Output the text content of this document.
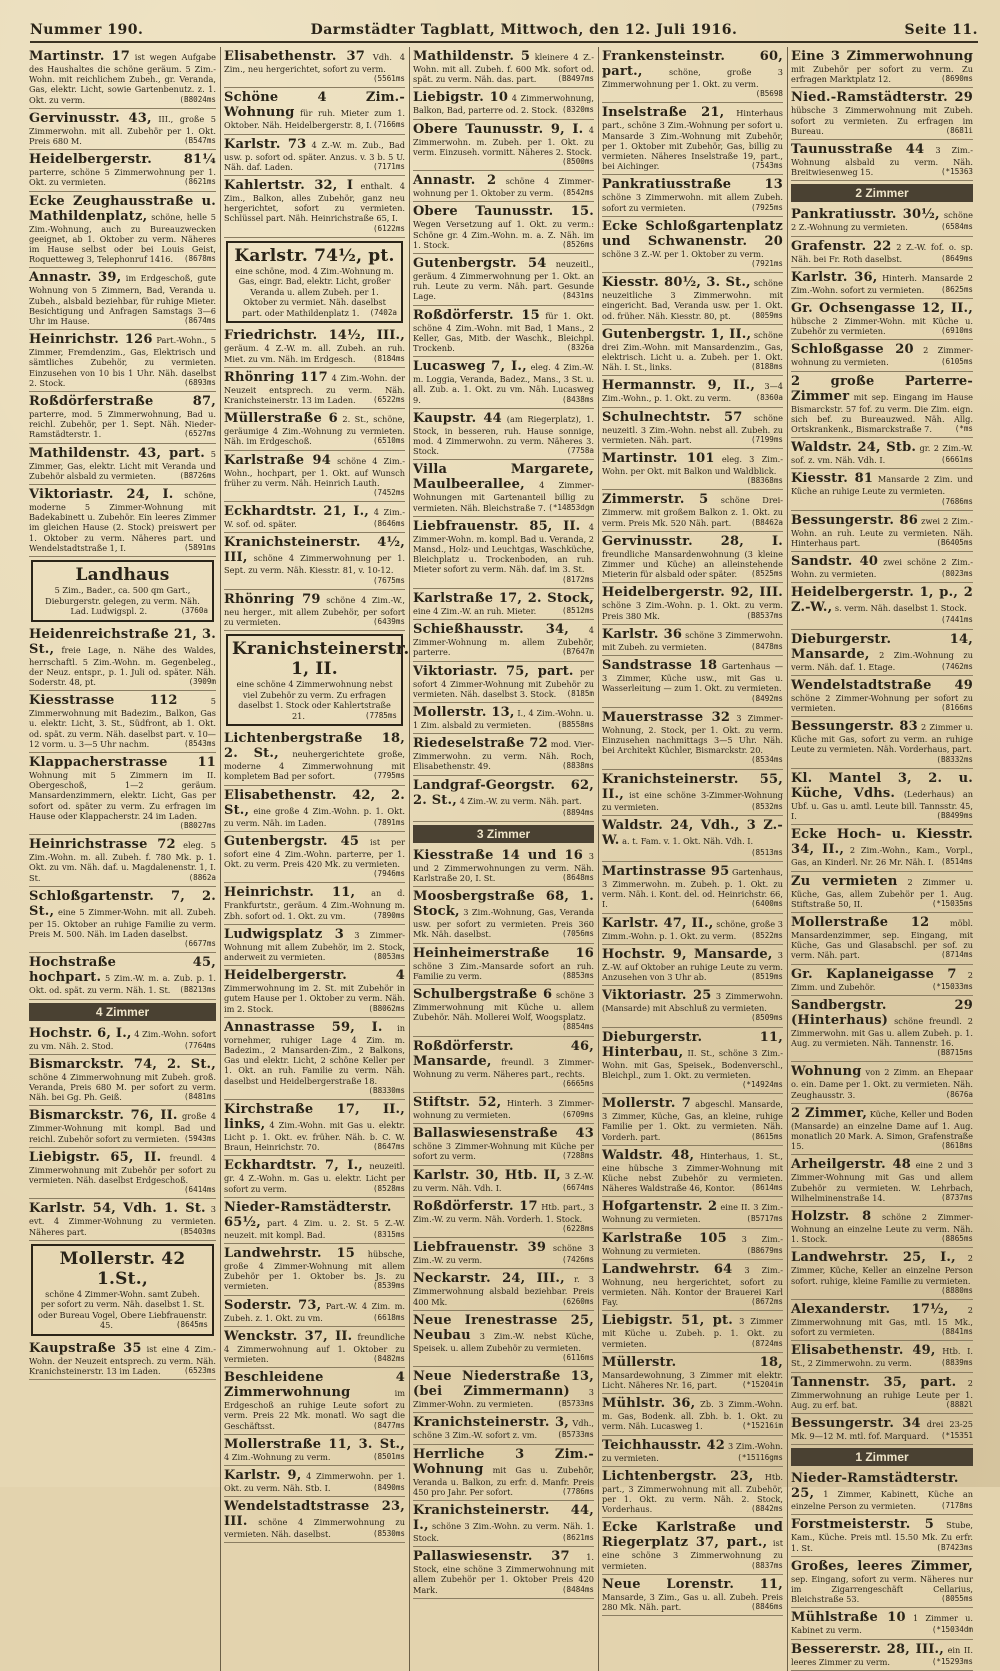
Nummer 190.	Darmstädter Tagblatt, Mittwoch, den 12. Juli 1916.	Seite 11.
Martinstr. 17 ist wegen Aufgabe des Haushaltes die schöne geräum. 5 Zim.-Wohn. mit reichlichem Zubeh., gr. Veranda, Gas, elektr. Licht, sowie Gartenbenutz. z. 1. Okt. zu verm.	(B8024ms
Gervinusstr. 43, III., große 5 Zimmerwohn. mit all. Zubehör per 1. Okt. Preis 680 M.	(B547ms
Heidelbergerstr. 81¼ parterre, schöne 5 Zimmerwohnung per 1. Okt. zu vermieten.	(8621ms
Ecke Zeughausstraße u. Mathildenplatz, schöne, helle 5 Zim.-Wohnung, auch zu Bureauzwecken geeignet, ab 1. Oktober zu verm. Näheres im Hause selbst oder bei Louis Geist, Roquetteweg 3, Telephonruf 1416. (8678ms
Annastr. 39, im Erdgeschoß, gute Wohnung von 5 Zimmern, Bad, Veranda u. Zubeh., alsbald beziehbar, für ruhige Mieter. Besichtigung und Anfragen Samstags 3—6 Uhr im Hause.	(8674ms
Heinrichstr. 126 Part.-Wohn., 5 Zimmer, Fremdenzim., Gas, Elektrisch und sämtliches Zubehör, zu vermieten. Einzusehen von 10 bis 1 Uhr. Näh. daselbst 2. Stock.	(6893ms
Roßdörferstraße 87, parterre, mod. 5 Zimmerwohnung, Bad u. reichl. Zubehör, per 1. Sept. Näh. Nieder-Ramstädterstr. 1.	(6527ms
Mathildenstr. 43, part. 5 Zimmer, Gas, elektr. Licht mit Veranda und Zubehör alsbald zu vermieten.	(B8726ms
Viktoriastr. 24, I. schöne, moderne 5 Zimmer-Wohnung mit Badekabinett u. Zubehör. Ein leeres Zimmer im gleichen Hause (2. Stock) preiswert per 1. Oktober zu verm. Näheres part. und Wendelstadtstraße 1, I.	(5891ms
Landhaus
5 Zim., Bader., ca. 500 qm Gart., Dieburgerstr. gelegen, zu verm. Näh. Lad. Ludwigspl. 2.	(3760a
Heidenreichstraße 21, 3. St., freie Lage, n. Nähe des Waldes, herrschaftl. 5 Zim.-Wohn. m. Gegenbeleg., der Neuz. entspr., p. 1. Juli od. später. Näh. Soderstr. 48, pt.	(3909m
Kiesstrasse 112	5 Zimmerwohnung mit Badezim., Balkon, Gas u. elektr. Licht, 3. St., Südfront, ab 1. Okt. od. spät. zu verm. Näh. daselbst part. v. 10—12 vorm. u. 3—5 Uhr nachm.	(8543ms
Klappacherstrasse 11 Wohnung mit 5 Zimmern im II. Obergeschoß, 1—2 geräum. Mansardenzimmern, elektr. Licht, Gas per sofort od. später zu verm. Zu erfragen im Hause oder Klappacherstr. 24 im Laden.
(B8027ms
Heinrichstrasse 72 eleg. 5 Zim.-Wohn. m. all. Zubeh. f. 780 Mk. p. 1. Okt. zu vm. Näh. daf. u. Magdalenenstr. 1, I. St.	(8862a
Schloßgartenstr. 7, 2. St., eine 5 Zimmer-Wohn. mit all. Zubeh. per 15. Oktober an ruhige Familie zu verm. Preis M. 500. Näh. im Laden daselbst.
(6677ms
Hochstraße 45, hochpart. 5 Zim.-W. m. a. Zub. p. 1. Okt. od. spät. zu verm. Näh. 1. St. (B8213ms
4 Zimmer
Hochstr. 6, I., 4 Zim.-Wohn. sofort zu vm. Näh. 2. Stod.	(7764ms
Bismarckstr. 74, 2. St., schöne 4 Zimmerwohnung mit Zubeh. groß. Veranda, Preis 680 M. per sofort zu verm. Näh. bei Gg. Ph. Geiß.	(8481ms
Bismarckstr. 76, II. große 4 Zimmer-Wohnung mit kompl. Bad und reichl. Zubehör sofort zu vermieten. (5943ms
Liebigstr. 65, II. freundl. 4 Zimmerwohnung mit Zubehör per sofort zu vermieten. Näh. daselbst Erdgeschoß.
(6414ms
Karlstr. 54, Vdh. 1. St. 3 evt. 4 Zimmer-Wohnung zu vermieten. Näheres part.	(B5403ms
Mollerstr. 42 1.St.,
schöne 4 Zimmer-Wohn. samt Zubeh. per sofort zu verm. Näh. daselbst 1. St. oder Bureau Vogel, Obere Liebfrauenstr. 45.	(8645ms
Kaupstraße 35 ist eine 4 Zim.-Wohn. der Neuzeit entsprech. zu verm. Näh. Kranichsteinerstr. 13 im Laden.	(6523ms
Elisabethenstr. 37 Vdh. 4 Zim., neu hergerichtet, sofort zu verm.
(5561ms
Schöne 4 Zim.-Wohnung für ruh. Mieter zum 1. Oktober. Näh. Heidelbergerstr. 8, I. (7166ms
Karlstr. 73 4 Z.-W. m. Zub., Bad usw. p. sofort od. später. Anzus. v. 3 b. 5 U. Näh. daf. Laden.	(7171ms
Kahlertstr. 32, I enthalt. 4 Zim., Balkon, alles Zubehör, ganz neu hergerichtet, sofort zu vermieten. Schlüssel part. Näh. Heinrichstraße 65, I.
(6122ms
Karlstr. 74½, pt.
eine schöne, mod. 4 Zim.-Wohnung m. Gas, eingr. Bad, elektr. Licht, großer Veranda u. allem Zubeh. per 1. Oktober zu vermiet. Näh. daselbst part. oder Mathildenplatz 1. (7402a
Friedrichstr. 14½, III., geräum. 4 Z.-W. m. all. Zubeh. an ruh. Miet. zu vm. Näh. im Erdgesch. (8184ms
Rhönring 117 4 Zim.-Wohn. der Neuzeit entsprech. zu verm. Näh. Kranichsteinerstr. 13 im Laden. (6522ms
Müllerstraße 6 2. St., schöne, geräumige 4 Zim.-Wohnung zu vermieten. Näh. im Erdgeschoß.	(6510ms
Karlstraße 94 schöne 4 Zim.-Wohn., hochpart, per 1. Okt. auf Wunsch früher zu verm. Näh. Heinrich Lauth.
(7452ms
Eckhardtstr. 21, I., 4 Zim.-W. sof. od. später.	(8646ms
Kranichsteinerstr. 4½, III, schöne 4 Zimmerwohnung per 1. Sept. zu verm. Näh. Kiesstr. 81, v. 10-12.
(7675ms
Rhönring 79 schöne 4 Zim.-W., neu herger., mit allem Zubehör, per sofort zu vermieten.	(6439ms
Kranichsteinerstr. 1, II.
eine schöne 4 Zimmerwohnung nebst viel Zubehör zu verm. Zu erfragen daselbst 1. Stock oder Kahlertstraße 21.	(7785ms
Lichtenbergstraße 18, 2. St., neuhergerichtete große, moderne 4 Zimmerwohnung mit kompletem Bad per sofort.	(7795ms
Elisabethenstr. 42, 2. St., eine große 4 Zim.-Wohn. p. 1. Okt. zu verm. Näh. im Laden.	(7891ms
Gutenbergstr. 45 ist per sofort eine 4 Zim.-Wohn. parterre, per 1. Okt. zu verm. Preis 420 Mk. zu vermieten.
(7946ms
Heinrichstr. 11, an d. Frankfurtstr., geräum. 4 Zim.-Wohnung m. Zbh. sofort od. 1. Okt. zu vm.	(7890ms
Ludwigsplatz 3 3 Zimmer-Wohnung mit allem Zubehör, im 2. Stock, anderweit zu vermieten.	(8053ms
Heidelbergerstr. 4 Zimmerwohnung im 2. St. mit Zubehör in gutem Hause per 1. Oktober zu verm. Näh. im 2. Stock.	(B8062ms
Annastrasse 59, I. in vornehmer, ruhiger Lage 4 Zim. m. Badezim., 2 Mansarden-Zim., 2 Balkons, Gas und elektr. Licht, 2 schöne Keller per 1. Okt. an ruh. Familie zu verm. Näh. daselbst und Heidelbergerstraße 18.
(B8330ms
Kirchstraße 17, II., links, 4 Zim.-Wohn. mit Gas u. elektr. Licht p. 1. Okt. ev. früher. Näh. b. C. W. Braun, Heinrichstr. 70.	(8647ms
Eckhardtstr. 7, I., neuzeitl. gr. 4 Z.-Wohn. m. Gas u. elektr. Licht per sofort zu verm.	(8528ms
Nieder-Ramstädterstr. 65½, part. 4 Zim. u. 2. St. 5 Z.-W. neuzeit. mit kompl. Bad.	(8315ms
Landwehrstr. 15 hübsche, große 4 Zimmer-Wohnung mit allem Zubehör per 1. Oktober bs. Js. zu vermieten.	(8539ms
Soderstr. 73, Part.-W. 4 Zim. m. Zubeh. z. 1. Okt. zu vm.	(6618ms
Wenckstr. 37, II. freundliche 4 Zimmerwohnung auf 1. Oktober zu vermieten.	(8482ms
Beschleidene 4 Zimmerwohnung	im Erdgeschoß an ruhige Leute sofort zu verm. Preis 22 Mk. monatl. Wo sagt die Geschäftsst.	(8477ms
Mollerstraße 11, 3. St., 4 Zim.-Wohnung zu verm.	(8501ms
Karlstr. 9, 4 Zimmerwohn. per 1. Okt. zu verm. Näh. Stb. I.	(8490ms
Wendelstadtstrasse 23, III. schöne 4 Zimmerwohnung zu vermieten. Näh. daselbst.	(8530ms
Mathildenstr. 5 kleinere 4 Z.-Wohn. mit all. Zubeh. f. 600 Mk. sofort od. spät. zu verm. Näh. das. part.	(B8497ms
Liebigstr. 10 4 Zimmerwohnung, Balkon, Bad, parterre od. 2. Stock. (8320ms
Obere Taunusstr. 9, I. 4 Zimmerwohn. m. Zubeh. per 1. Okt. zu verm. Einzuseh. vormitt. Näheres 2. Stock.
(8500ms
Annastr. 2 schöne 4 Zimmer-wohnung per 1. Oktober zu verm. (8542ms
Obere Taunusstr. 15. Wegen Versetzung auf 1. Okt. zu verm.: Schöne gr. 4 Zim.-Wohn. m. a. Z. Näh. im 1. Stock.	(8526ms
Gutenbergstr. 54 neuzeitl., geräum. 4 Zimmerwohnung per 1. Okt. an ruh. Leute zu verm. Näh. part. Gesunde Lage.	(8431ms
Roßdörferstr. 15 für 1. Okt. schöne 4 Zim.-Wohn. mit Bad, 1 Mans., 2 Keller, Gas, Mitb. der Waschk., Bleichpl. Trockenb.	(8326a
Lucasweg 7, I., eleg. 4 Zim.-W. m. Loggia, Veranda, Badez., Mans., 3 St. u. all. Zub. a. 1. Okt. zu vm. Näh. Lucasweg 9.	(8438ms
Kaupstr. 44 (am Riegerplatz), 1. Stock, in besseren, ruh. Hause sonnige, mod. 4 Zimmerwohn. zu verm. Näheres 3. Stock.	(7758a
Villa Margarete, Maulbeerallee, 4 Zimmer-Wohnungen mit Gartenanteil billig zu vermieten. Näh. Bleichstraße 7. (*14853dgm
Liebfrauenstr. 85, II. 4 Zimmer-Wohn. m. kompl. Bad u. Veranda, 2 Mansd., Holz- und Leuchtgas, Waschküche, Bleichplatz u. Trockenboden, an ruh. Mieter sofort zu verm. Näh. daf. im 3. St.
(8172ms
Karlstraße 17, 2. Stock, eine 4 Zim.-W. an ruh. Mieter.	(8512ms
Schießhausstr. 34, 4 Zimmer-Wohnung m. allem Zubehör, parterre.	(B7647m
Viktoriastr. 75, part. per sofort 4 Zimmer-Wohnung mit Zubehör zu vermieten. Näh. daselbst 3. Stock. (8185m
Mollerstr. 13, I., 4 Zim.-Wohn. u. 1 Zim. alsbald zu vermieten.	(B8558ms
Riedeselstraße 72 mod. Vier-Zimmerwohn. zu verm. Näh. Roch, Elisabethenstr. 49.	(8838ms
Landgraf-Georgstr. 62, 2. St., 4 Zim.-W. zu verm. Näh. part.
(8894ms
3 Zimmer
Kiesstraße 14 und 16 3 und 2 Zimmerwohnungen zu verm. Näh. Karlstraße 20, I. St.	(8648ms
Moosbergstraße 68, 1. Stock, 3 Zim.-Wohnung, Gas, Veranda usw. per sofort zu vermieten. Preis 360 Mk. Näh. daselbst.	(7056ms
Heinheimerstraße 16 schöne 3 Zim.-Mansarde sofort an ruh. Familie zu verm.	(8853ms
Schulbergstraße 6 schöne 3 Zimmerwohnung mit Küche u. allem Zubehör. Näh. Mollerei Wolf, Woogsplatz.
(8854ms
Roßdörferstr. 46, Mansarde, freundl. 3 Zimmer-Wohnung zu verm. Näheres part., rechts.
(6665ms
Stiftstr. 52, Hinterh. 3 Zimmer-wohnung zu vermieten.	(6709ms
Ballaswiesenstraße 43 schöne 3 Zimmer-Wohnung mit Küche per sofort zu verm.	(7288ms
Karlstr. 30, Htb. II, 3 Z.-W. zu verm. Näh. Vdh. I.	(6674ms
Roßdörferstr. 17 Htb. part., 3 Zim.-W. zu verm. Näh. Vorderh. 1. Stock.
(6228ms
Liebfrauenstr. 39 schöne 3 Zim.-W. zu verm.	(7426ms
Neckarstr. 24, III., r. 3 Zimmerwohnung alsbald beziehbar. Preis 400 Mk.	(6260ms
Neue Irenestrasse 25, Neubau 3 Zim.-W. nebst Küche, Speisek. u. allem Zubehör zu vermieten.
(6116ms
Neue Niederstraße 13, (bei Zimmermann) 3 Zimmer-Wohn. zu vermieten.	(B5733ms
Kranichsteinerstr. 3, Vdh., schöne 3 Zim.-W. sofort z. vm.	(B5733ms
Herrliche 3 Zim.-Wohnung mit Gas u. Zubehör, Veranda u. Balkon, zu erfr. d. Manfr. Preis 450 pro Jahr. Per sofort.	(7786ms
Kranichsteinerstr. 44, I., schöne 3 Zim.-Wohn. zu verm. Näh. 1. Stock.	(8621ms
Pallaswiesenstr. 37 1. Stock, eine schöne 3 Zimmerwohnung mit allem Zubehör per 1. Oktober Preis 420 Mark.	(8484ms
Frankensteinstr. 60, part.,	schöne, große 3 Zimmerwohnung per 1. Okt. zu verm.
(B5698
Inselstraße 21, Hinterhaus part., schöne 3 Zim.-Wohnung per sofort u. Mansarde 3 Zim.-Wohnung mit Zubehör, per 1. Oktober mit Zubehör, Gas, billig zu vermieten. Näheres Inselstraße 19, part., bei Aichinger.	(7543ms
Pankratiusstraße 13 schöne 3 Zimmerwohn. mit allem Zubeh. sofort zu vermieten.	(7925ms
Ecke Schloßgartenplatz und Schwanenstr. 20 schöne 3 Z.-W. per 1. Oktober zu verm.
(7921ms
Kiesstr. 80½, 3. St., schöne neuzeitliche 3 Zimmerwohn. mit eingericht. Bad, Veranda usw. per 1. Okt. od. früher. Näh. Kiesstr. 80, pt.	(8059ms
Gutenbergstr. 1, II., schöne drei Zim.-Wohn. mit Mansardenzim., Gas, elektrisch. Licht u. a. Zubeh. per 1. Okt. Näh. I. St., links.	(8188ms
Hermannstr. 9, II., 3—4 Zim.-Wohn., p. 1. Okt. zu verm.	(8360a
Schulnechtstr. 57 schöne neuzeitl. 3 Zim.-Wohn. nebst all. Zubeh. zu vermieten. Näh. part.	(7199ms
Martinstr. 101 eleg. 3 Zim.-Wohn. per Okt. mit Balkon und Waldblick.
(B8368ms
Zimmerstr. 5 schöne Drei-Zimmerw. mit großem Balkon z. 1. Okt. zu verm. Preis Mk. 520 Näh. part.	(B8462a
Gervinusstr. 28, I. freundliche Mansardenwohnung (3 kleine Zimmer und Küche) an alleinstehende Mieterin für alsbald oder später. (8525ms
Heidelbergerstr. 92, III. schöne 3 Zim.-Wohn. p. 1. Okt. zu verm. Preis 380 Mk.	(B8537ms
Karlstr. 36 schöne 3 Zimmerwohn. mit Zubeh. zu vermieten.	(8478ms
Sandstrasse 18 Gartenhaus — 3 Zimmer, Küche usw., mit Gas u. Wasserleitung — zum 1. Okt. zu vermieten.
(8492ms
Mauerstrasse 32 3 Zimmer-Wohnung, 2. Stock, per 1. Okt. zu verm. Einzusehen nachmittags 3—5 Uhr. Näh. bei Architekt Küchler, Bismarckstr. 20.
(8534ms
Kranichsteinerstr. 55, II., ist eine schöne 3-Zimmer-Wohnung zu vermieten.	(8532ms
Waldstr. 24, Vdh., 3 Z.-W. a. t. Fam. v. 1. Okt. Näh. Vdh. I.
(8513ms
Martinstrasse 95 Gartenhaus, 3 Zimmerwohn. m. Zubeh. p. 1. Okt. zu verm. Näh. i. Kont. del. od. Heinrichstr. 66, I.	(6400ms
Karlstr. 47, II., schöne, große 3 Zimm.-Wohn. p. 1. Okt. zu verm. (8522ms
Hochstr. 9, Mansarde, 3 Z.-W. auf Oktober an ruhige Leute zu verm. Anzusehen von 3 Uhr ab.	(8519ms
Viktoriastr. 25 3 Zimmerwohn. (Mansarde) mit Abschluß zu vermieten.
(8509ms
Dieburgerstr. 11, Hinterbau, II. St., schöne 3 Zim.-Wohn. mit Gas, Speisek., Bodenverschl., Bleichpl., zum 1. Okt. zu vermieten.
(*14924ms
Mollerstr. 7 abgeschl. Mansarde, 3 Zimmer, Küche, Gas, an kleine, ruhige Familie per 1. Okt. zu vermieten. Näh. Vorderh. part.	(8615ms
Waldstr. 48, Hinterhaus, 1. St., eine hübsche 3 Zimmer-Wohnung mit Küche nebst Zubehör zu vermieten. Näheres Waldstraße 46, Kontor. (8614ms
Hofgartenstr. 2 eine II. 3 Zim.-Wohnung zu vermieten.	(B5717ms
Karlstraße 105 3 Zim.-Wohnung zu vermieten.	(B8679ms
Landwehrstr. 64 3 Zim.-Wohnung, neu hergerichtet, sofort zu vermieten. Näh. Kontor der Brauerei Karl Fay.	(8672ms
Liebigstr. 51, pt. 3 Zimmer mit Küche u. Zubeh. p. 1. Okt. zu vermieten.	(8724ms
Müllerstr. 18, Mansardewohnung, 3 Zimmer mit elektr. Licht. Näheres Nr. 16, part.	(*15204im
Mühlstr. 36, Zb. 3 Zimm.-Wohn. m. Gas, Bodenk. all. Zbh. b. 1. Okt. zu verm. Näh. Lucasweg 1.	(*15216im
Teichhausstr. 42 3 Zim.-Wohn. zu vermieten.	(*15116gms
Lichtenbergstr. 23, Htb. part., 3 Zimmerwohnung mit all. Zubehör, per 1. Okt. zu verm. Näh. 2. Stock, Vorderhaus.	(8842ms
Ecke Karlstraße und Riegerplatz 37, part., ist eine schöne 3 Zimmerwohnung zu vermieten.	(8837ms
Neue Lorenstr. 11, Mansarde, 3 Zim., Gas u. all. Zubeh. Preis 280 Mk. Näh. part.	(8846ms
Eine 3 Zimmerwohnung mit Zubehör per sofort zu verm. Zu erfragen Marktplatz 12.	(8690ms
Nied.-Ramstädterstr. 29 hübsche 3 Zimmerwohnung mit Zubeh. sofort zu vermieten. Zu erfragen im Bureau.	(8681i
Taunusstraße 44 3 Zim.-Wohnung alsbald zu verm. Näh. Breitwiesenweg 15.	(*15363
2 Zimmer
Pankratiusstr. 30½, schöne 2 Z.-Wohnung zu vermieten.	(6584ms
Grafenstr. 22 2 Z.-W. fof. o. sp. Näh. bei Fr. Roth daselbst.	(8649ms
Karlstr. 36, Hinterh. Mansarde 2 Zim.-Wohn. sofort zu vermieten. (8625ms
Gr. Ochsengasse 12, II., hübsche 2 Zimmer-Wohn. mit Küche u. Zubehör zu vermieten.	(6910ms
Schloßgasse 20 2 Zimmer-wohnung zu vermieten.	(6105ms
2 große Parterre-Zimmer mit sep. Eingang im Hause Bismarckstr. 57 fof. zu verm. Die Zim. eign. sich bef. zu Bureauzwed. Näh. Allg. Ortskrankenk., Bismarckstraße 7.	(*ms
Waldstr. 24, Stb. gr. 2 Zim.-W. sof. z. vm. Näh. Vdh. I.	(6661ms
Kiesstr. 81 Mansarde 2 Zim. und Küche an ruhige Leute zu vermieten.
(7686ms
Bessungerstr. 86 zwei 2 Zim.-Wohn. an ruh. Leute zu vermieten. Näh. Hinterhaus part.	(B6405ms
Sandstr. 40 zwei schöne 2 Zim.-Wohn. zu vermieten.	(8023ms
Heidelbergerstr. 1, p., 2 Z.-W., s. verm. Näh. daselbst 1. Stock.
(7441ms
Dieburgerstr. 14, Mansarde, 2 Zim.-Wohnung zu verm. Näh. daf. 1. Etage.	(7462ms
Wendelstadtstraße 49 schöne 2 Zimmer-Wohnung per sofort zu vermieten.	(8166ms
Bessungerstr. 83 2 Zimmer u. Küche mit Gas, sofort zu verm. an ruhige Leute zu vermieten. Näh. Vorderhaus, part.
(B8332ms
Kl. Mantel 3, 2. u. Küche, Vdhs. (Lederhaus) an Ubf. u. Gas u. amtl. Leute bill. Tannsstr. 45, I.	(B8499ms
Ecke Hoch- u. Kiesstr. 34, II., 2 Zim.-Wohn., Kam., Vorpl., Gas, an Kinderl. Nr. 26 Mr. Näh. I. (8514ms
Zu vermieten 2 Zimmer u. Küche, Gas, allem Zubehör per 1. Aug. Stiftstraße 50, II.	(*15035ms
Mollerstraße 12	möbl. Mansardenzimmer, sep. Eingang, mit Küche, Gas und Glasabschl. per sof. zu verm. Näh. part.	(8714ms
Gr. Kaplaneigasse 7 2 Zimm. und Zubehör.	(*15033ms
Sandbergstr. 29 (Hinterhaus) schöne freundl. 2 Zimmerwohn. mit Gas u. allem Zubeh. p. 1. Aug. zu vermieten. Näh. Tannenstr. 16.
(B8715ms
Wohnung von 2 Zimm. an Ehepaar o. ein. Dame per 1. Okt. zu vermieten. Näh. Zeughausstr. 3.	(8676a
2 Zimmer, Küche, Keller und Boden (Mansarde) an einzelne Dame auf 1. Aug. monatlich 20 Mark. A. Simon, Grafenstraße 15.	(8618ms
Arheilgerstr. 48 eine 2 und 3 Zimmer-Wohnung mit Gas und allem Zubehör zu vermieten. W. Lehrbach, Wilhelminenstraße 14.	(8737ms
Holzstr. 8 schöne 2 Zimmer-Wohnung an einzelne Leute zu verm. Näh. 1. Stock.	(8865ms
Landwehrstr. 25, I., 2 Zimmer, Küche, Keller an einzelne Person sofort. ruhige, kleine Familie zu vermieten.
(8880ms
Alexanderstr. 17½, 2 Zimmerwohnung mit Gas, mtl. 15 Mk., sofort zu vermieten.	(8841ms
Elisabethenstr. 49, Htb. I. St., 2 Zimmerwohn. zu verm.	(8839ms
Tannenstr. 35, part. 2 Zimmerwohnung an ruhige Leute per 1. Aug. zu erf. bat.	(8882l
Bessungerstr. 34 drei 23-25 Mk. 9—12 M. mtl. fof. Marquard. (*15351
1 Zimmer
Nieder-Ramstädterstr. 25, 1 Zimmer, Kabinett, Küche an einzelne Person zu vermieten.	(7178ms
Forstmeisterstr. 5 Stube, Kam., Küche. Preis mtl. 15.50 Mk. Zu erfr. 1. St.	(B7423ms
Großes, leeres Zimmer, sep. Eingang, sofort zu verm. Näheres nur im Zigarrengeschäft Cellarius, Bleichstraße 53.	(8055ms
Mühlstraße 10 1 Zimmer u. Kabinet zu verm.	(*15034dm
Bessererstr. 28, III., ein II. leeres Zimmer zu verm.	(*15293ms
